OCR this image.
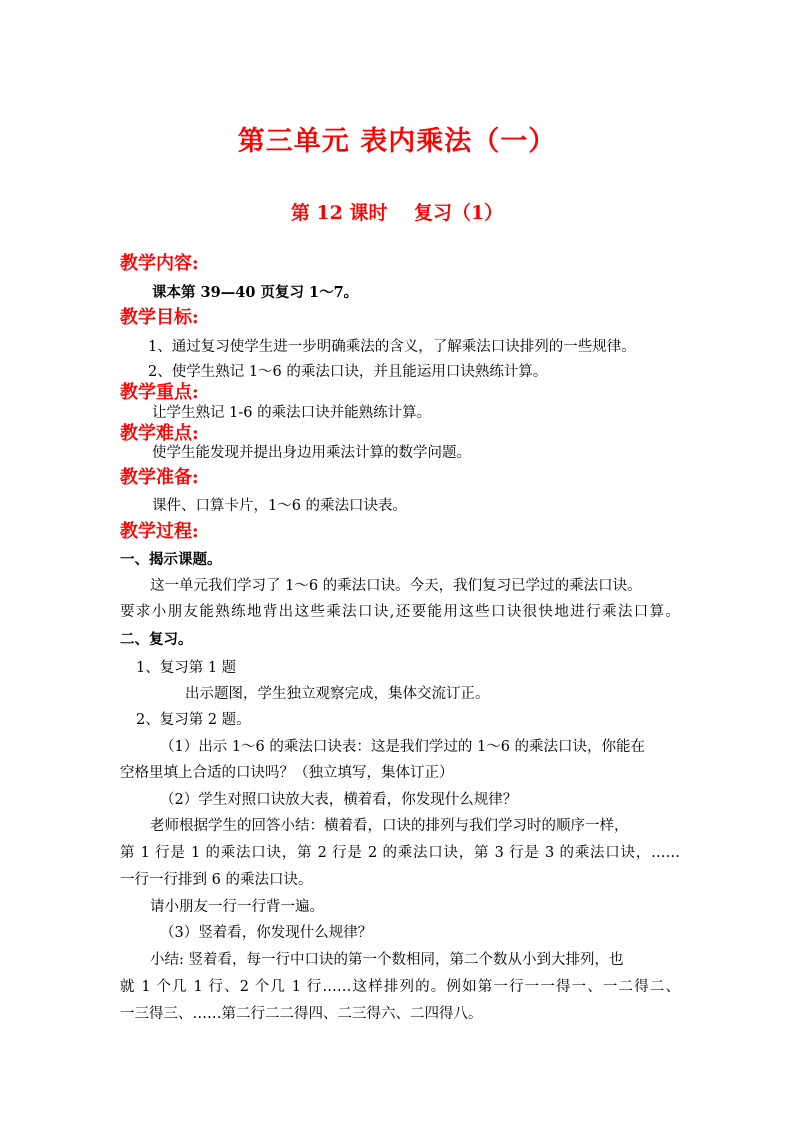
第三单元 表内乘法（一）
第 12 课时    复习（1）
教学内容:
课本第 39—40 页复习 1～7。
教学目标:
1、通过复习使学生进一步明确乘法的含义，了解乘法口诀排列的一些规律。
2、使学生熟记 1～6 的乘法口诀，并且能运用口诀熟练计算。
教学重点:
让学生熟记 1-6 的乘法口诀并能熟练计算。
教学难点:
使学生能发现并提出身边用乘法计算的数学问题。
教学准备:
课件、口算卡片，1～6 的乘法口诀表。
教学过程:
一、揭示课题。
这一单元我们学习了 1～6 的乘法口诀。今天，我们复习已学过的乘法口诀。
要求小朋友能熟练地背出这些乘法口诀,还要能用这些口诀很快地进行乘法口算。
二、复习。
1、复习第 1 题
出示题图，学生独立观察完成，集体交流订正。
2、复习第 2 题。
（1）出示 1～6 的乘法口诀表：这是我们学过的 1～6 的乘法口诀，你能在
空格里填上合适的口诀吗？（独立填写，集体订正）
（2）学生对照口诀放大表，横着看，你发现什么规律？
老师根据学生的回答小结：横着看，口诀的排列与我们学习时的顺序一样，
第 1 行是 1 的乘法口诀，第 2 行是 2 的乘法口诀，第 3 行是 3 的乘法口诀，……
一行一行排到 6 的乘法口诀。
请小朋友一行一行背一遍。
（3）竖着看，你发现什么规律？
小结: 竖着看，每一行中口诀的第一个数相同，第二个数从小到大排列，也
就 1 个几 1 行、2 个几 1 行……这样排列的。例如第一行一一得一、一二得二、
一三得三、……第二行二二得四、二三得六、二四得八。
